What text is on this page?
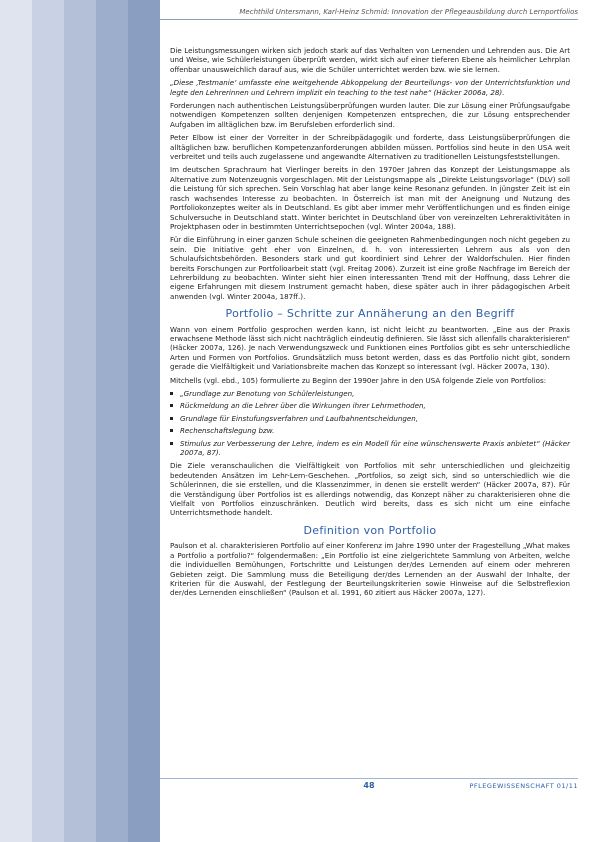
Mechthild Untersmann, Karl-Heinz Schmid: Innovation der Pflegeausbildung durch Lernportfolios

Die Leistungsmessungen wirken sich jedoch stark auf das Verhalten von Lernenden und Lehrenden aus. Die Art und Weise, wie Schülerleistungen überprüft werden, wirkt sich auf einer tieferen Ebene als heimlicher Lehrplan offenbar unausweichlich darauf aus, wie die Schüler unterrichtet werden bzw. wie sie lernen.

„Diese ‚Testmanie’ umfasste eine weitgehende Abkoppelung der Beurteilungs- von der Unterrichtsfunktion und legte den Lehrerinnen und Lehrern implizit ein teaching to the test nahe“ (Häcker 2006a, 28).

Forderungen nach authentischen Leistungsüberprüfungen wurden lauter. Die zur Lösung einer Prüfungsaufgabe notwendigen Kompetenzen sollten denjenigen Kompetenzen entsprechen, die zur Lösung entsprechender Aufgaben im alltäglichen bzw. im Berufsleben erforderlich sind.

Peter Elbow ist einer der Vorreiter in der Schreibpädagogik und forderte, dass Leistungsüberprüfungen die alltäglichen bzw. beruflichen Kompetenzanforderungen abbilden müssen. Portfolios sind heute in den USA weit verbreitet und teils auch zugelassene und angewandte Alternativen zu traditionellen Leistungsfeststellungen.

Im deutschen Sprachraum hat Vierlinger bereits in den 1970er Jahren das Konzept der Leistungsmappe als Alternative zum Notenzeugnis vorgeschlagen. Mit der Leistungsmappe als „Direkte Leistungsvorlage“ (DLV) soll die Leistung für sich sprechen. Sein Vorschlag hat aber lange keine Resonanz gefunden. In jüngster Zeit ist ein rasch wachsendes Interesse zu beobachten. In Österreich ist man mit der Aneignung und Nutzung des Portfoliokonzeptes weiter als in Deutschland. Es gibt aber immer mehr Veröffentlichungen und es finden einige Schulversuche in Deutschland statt. Winter berichtet in Deutschland über von vereinzelten Lehreraktivitäten in Projektphasen oder in bestimmten Unterrichtsepochen (vgl. Winter 2004a, 188).

Für die Einführung in einer ganzen Schule scheinen die geeigneten Rahmenbedingungen noch nicht gegeben zu sein. Die Initiative geht eher von Einzelnen, d. h. von interessierten Lehrern aus als von den Schulaufsichtsbehörden. Besonders stark und gut koordiniert sind Lehrer der Waldorfschulen. Hier finden bereits Forschungen zur Portfolioarbeit statt (vgl. Freitag 2006). Zurzeit ist eine große Nachfrage im Bereich der Lehrerbildung zu beobachten. Winter sieht hier einen interessanten Trend mit der Hoffnung, dass Lehrer die eigene Erfahrungen mit diesem Instrument gemacht haben, diese später auch in ihrer pädagogischen Arbeit anwenden (vgl. Winter 2004a, 187ff.).

Portfolio – Schritte zur Annäherung an den Begriff

Wann von einem Portfolio gesprochen werden kann, ist nicht leicht zu beantworten. „Eine aus der Praxis erwachsene Methode lässt sich nicht nachträglich eindeutig definieren. Sie lässt sich allenfalls charakterisieren“ (Häcker 2007a, 126). Je nach Verwendungszweck und Funktionen eines Portfolios gibt es sehr unterschiedliche Arten und Formen von Portfolios. Grundsätzlich muss betont werden, dass es das Portfolio nicht gibt, sondern gerade die Vielfältigkeit und Variationsbreite machen das Konzept so interessant (vgl. Häcker 2007a, 130).

Mitchells (vgl. ebd., 105) formulierte zu Beginn der 1990er Jahre in den USA folgende Ziele von Portfolios:

„Grundlage zur Benotung von Schülerleistungen,
Rückmeldung an die Lehrer über die Wirkungen ihrer Lehrmethoden,
Grundlage für Einstufungsverfahren und Laufbahnentscheidungen,
Rechenschaftslegung bzw.
Stimulus zur Verbesserung der Lehre, indem es ein Modell für eine wünschenswerte Praxis anbietet“ (Häcker 2007a, 87).

Die Ziele veranschaulichen die Vielfältigkeit von Portfolios mit sehr unterschiedlichen und gleichzeitig bedeutenden Ansätzen im Lehr-Lern-Geschehen. „Portfolios, so zeigt sich, sind so unterschiedlich wie die Schülerinnen, die sie erstellen, und die Klassenzimmer, in denen sie erstellt werden“ (Häcker 2007a, 87). Für die Verständigung über Portfolios ist es allerdings notwendig, das Konzept näher zu charakterisieren ohne die Vielfalt von Portfolios einzuschränken. Deutlich wird bereits, dass es sich nicht um eine einfache Unterrichtsmethode handelt.

Definition von Portfolio

Paulson et al. charakterisieren Portfolio auf einer Konferenz im Jahre 1990 unter der Fragestellung „What makes a Portfolio a portfolio?“ folgendermaßen: „Ein Portfolio ist eine zielgerichtete Sammlung von Arbeiten, welche die individuellen Bemühungen, Fortschritte und Leistungen der/des Lernenden auf einem oder mehreren Gebieten zeigt. Die Sammlung muss die Beteiligung der/des Lernenden an der Auswahl der Inhalte, der Kriterien für die Auswahl, der Festlegung der Beurteilungskriterien sowie Hinweise auf die Selbstreflexion der/des Lernenden einschließen“ (Paulson et al. 1991, 60 zitiert aus Häcker 2007a, 127).

48	PFLEGEWISSENSCHAFT 01/11
